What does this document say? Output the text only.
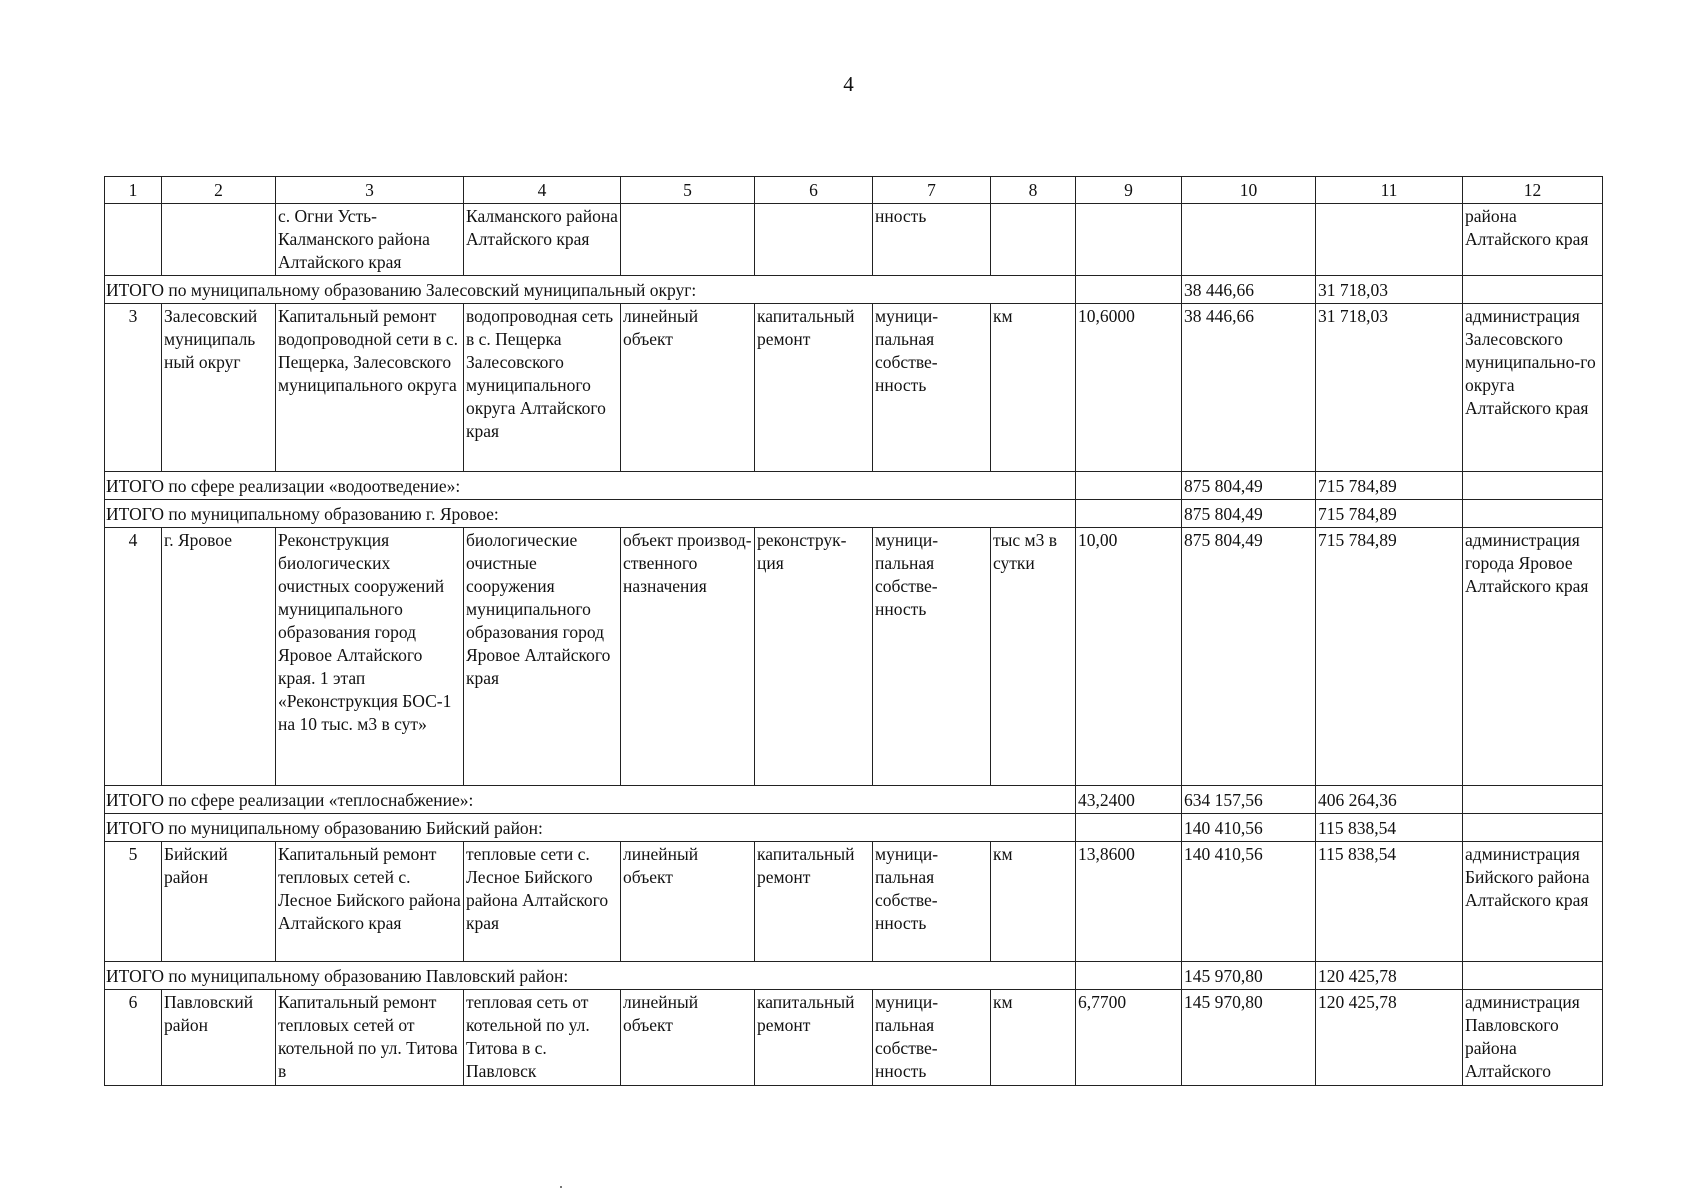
4
1	2	3	4	5	6	7	8	9	10	11	12
		с. Огни Усть-Калманского района Алтайского края	Калманского района Алтайского края			нность					района Алтайского края
ИТОГО по муниципальному образованию Залесовский муниципальный округ:									38 446,66	31 718,03	
3	Залесовский муниципаль ный округ	Капитальный ремонт водопроводной сети в с. Пещерка, Залесовского муниципального округа	водопроводная сеть в с. Пещерка Залесовского муниципального округа Алтайского края	линейный объект	капитальный ремонт	муници-пальная собстве-нность	км	10,6000	38 446,66	31 718,03	администрация Залесовского муниципально-го округа Алтайского края
ИТОГО по сфере реализации «водоотведение»:									875 804,49	715 784,89	
ИТОГО по муниципальному образованию г. Яровое:									875 804,49	715 784,89	
4	г. Яровое	Реконструкция биологических очистных сооружений муниципального образования город Яровое Алтайского края. 1 этап «Реконструкция БОС-1 на 10 тыс. м3 в сут»	биологические очистные сооружения муниципального образования город Яровое Алтайского края	объект производ-ственного назначения	реконструк-ция	муници-пальная собстве-нность	тыс м3 в сутки	10,00	875 804,49	715 784,89	администрация города Яровое Алтайского края
ИТОГО по сфере реализации «теплоснабжение»:								43,2400	634 157,56	406 264,36	
ИТОГО по муниципальному образованию Бийский район:									140 410,56	115 838,54	
5	Бийский район	Капитальный ремонт тепловых сетей с. Лесное Бийского района Алтайского края	тепловые сети с. Лесное Бийского района Алтайского края	линейный объект	капитальный ремонт	муници-пальная собстве-нность	км	13,8600	140 410,56	115 838,54	администрация Бийского района Алтайского края
ИТОГО по муниципальному образованию Павловский район:									145 970,80	120 425,78	
6	Павловский район	Капитальный ремонт тепловых сетей от котельной по ул. Титова в	тепловая сеть от котельной по ул. Титова в с. Павловск	линейный объект	капитальный ремонт	муници-пальная собстве-нность	км	6,7700	145 970,80	120 425,78	администрация Павловского района Алтайского
